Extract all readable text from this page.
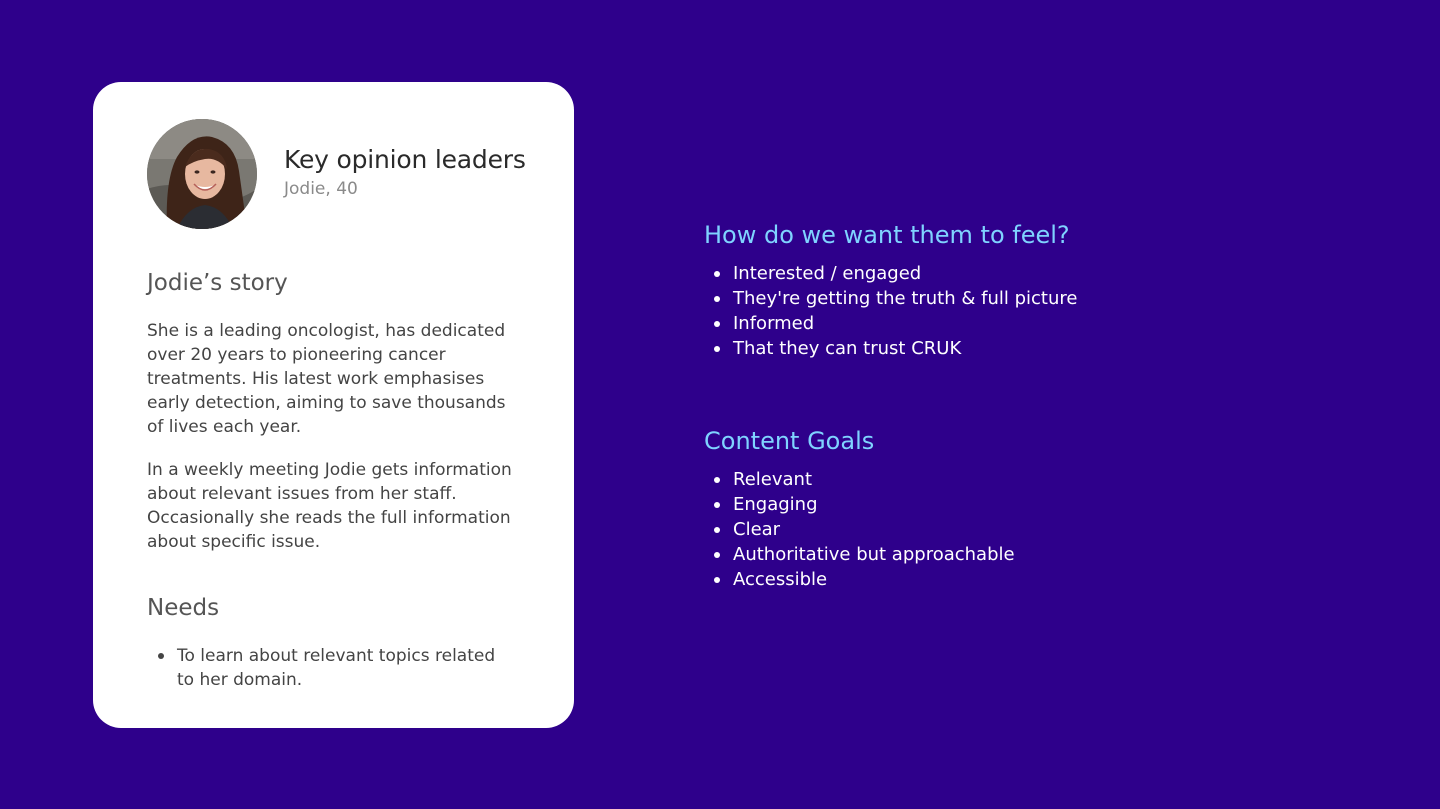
Key opinion leaders

Jodie, 40

Jodie’s story

She is a leading oncologist, has dedicated over 20 years to pioneering cancer treatments. His latest work emphasises early detection, aiming to save thousands of lives each year.

In a weekly meeting Jodie gets information about relevant issues from her staff. Occasionally she reads the full information about specific issue.

Needs
To learn about relevant topics related to her domain.
How do we want them to feel?
Interested / engaged
They're getting the truth & full picture
Informed
That they can trust CRUK
Content Goals
Relevant
Engaging
Clear
Authoritative but approachable
Accessible
